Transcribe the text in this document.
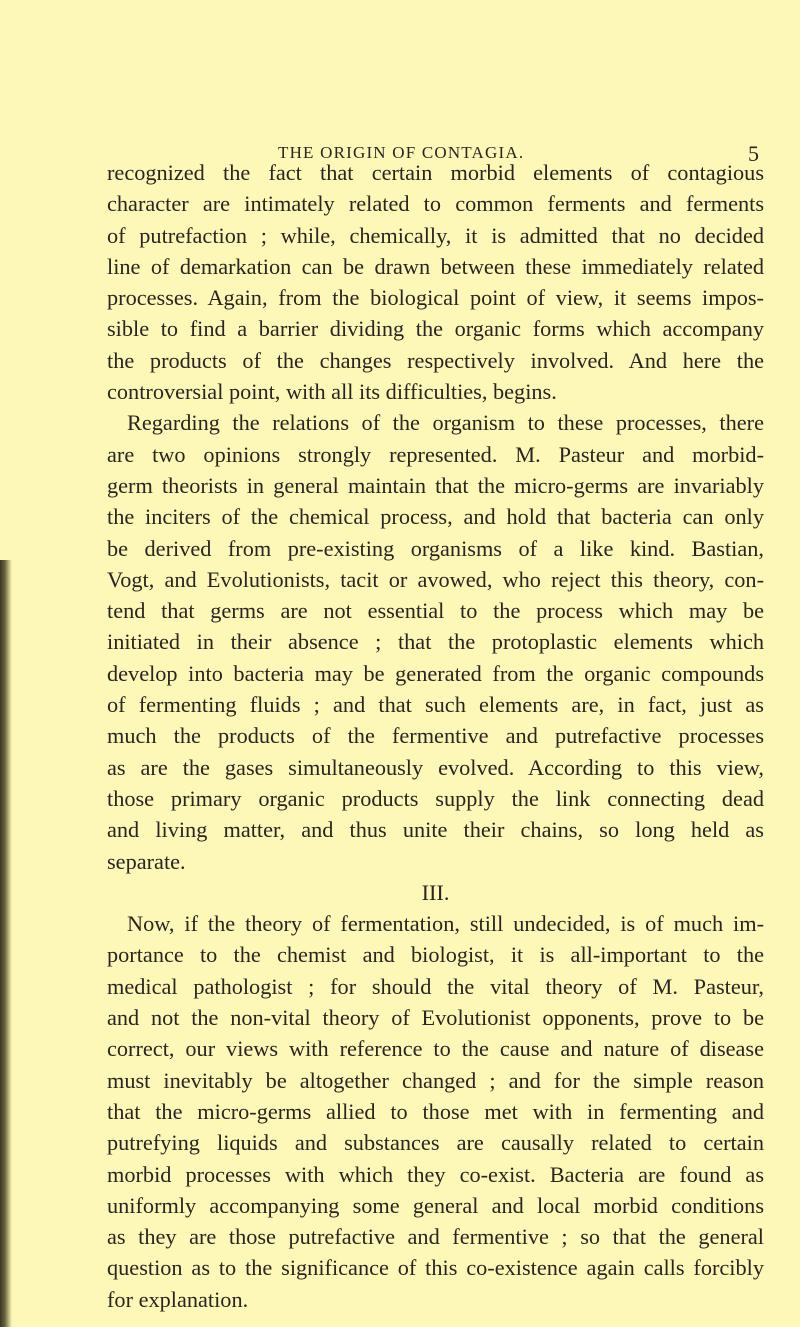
THE ORIGIN OF CONTAGIA.	5
recognized the fact that certain morbid elements of contagious
character are intimately related to common ferments and ferments
of putrefaction ; while, chemically, it is admitted that no decided
line of demarkation can be drawn between these immediately related
processes. Again, from the biological point of view, it seems impos-
sible to find a barrier dividing the organic forms which accompany
the products of the changes respectively involved. And here the
controversial point, with all its difficulties, begins.
Regarding the relations of the organism to these processes, there
are two opinions strongly represented. M. Pasteur and morbid-
germ theorists in general maintain that the micro-germs are invariably
the inciters of the chemical process, and hold that bacteria can only
be derived from pre-existing organisms of a like kind. Bastian,
Vogt, and Evolutionists, tacit or avowed, who reject this theory, con-
tend that germs are not essential to the process which may be
initiated in their absence ; that the protoplastic elements which
develop into bacteria may be generated from the organic compounds
of fermenting fluids ; and that such elements are, in fact, just as
much the products of the fermentive and putrefactive processes
as are the gases simultaneously evolved. According to this view,
those primary organic products supply the link connecting dead
and living matter, and thus unite their chains, so long held as
separate.
III.
Now, if the theory of fermentation, still undecided, is of much im-
portance to the chemist and biologist, it is all-important to the
medical pathologist ; for should the vital theory of M. Pasteur,
and not the non-vital theory of Evolutionist opponents, prove to be
correct, our views with reference to the cause and nature of disease
must inevitably be altogether changed ; and for the simple reason
that the micro-germs allied to those met with in fermenting and
putrefying liquids and substances are causally related to certain
morbid processes with which they co-exist. Bacteria are found as
uniformly accompanying some general and local morbid conditions
as they are those putrefactive and fermentive ; so that the general
question as to the significance of this co-existence again calls forcibly
for explanation.
